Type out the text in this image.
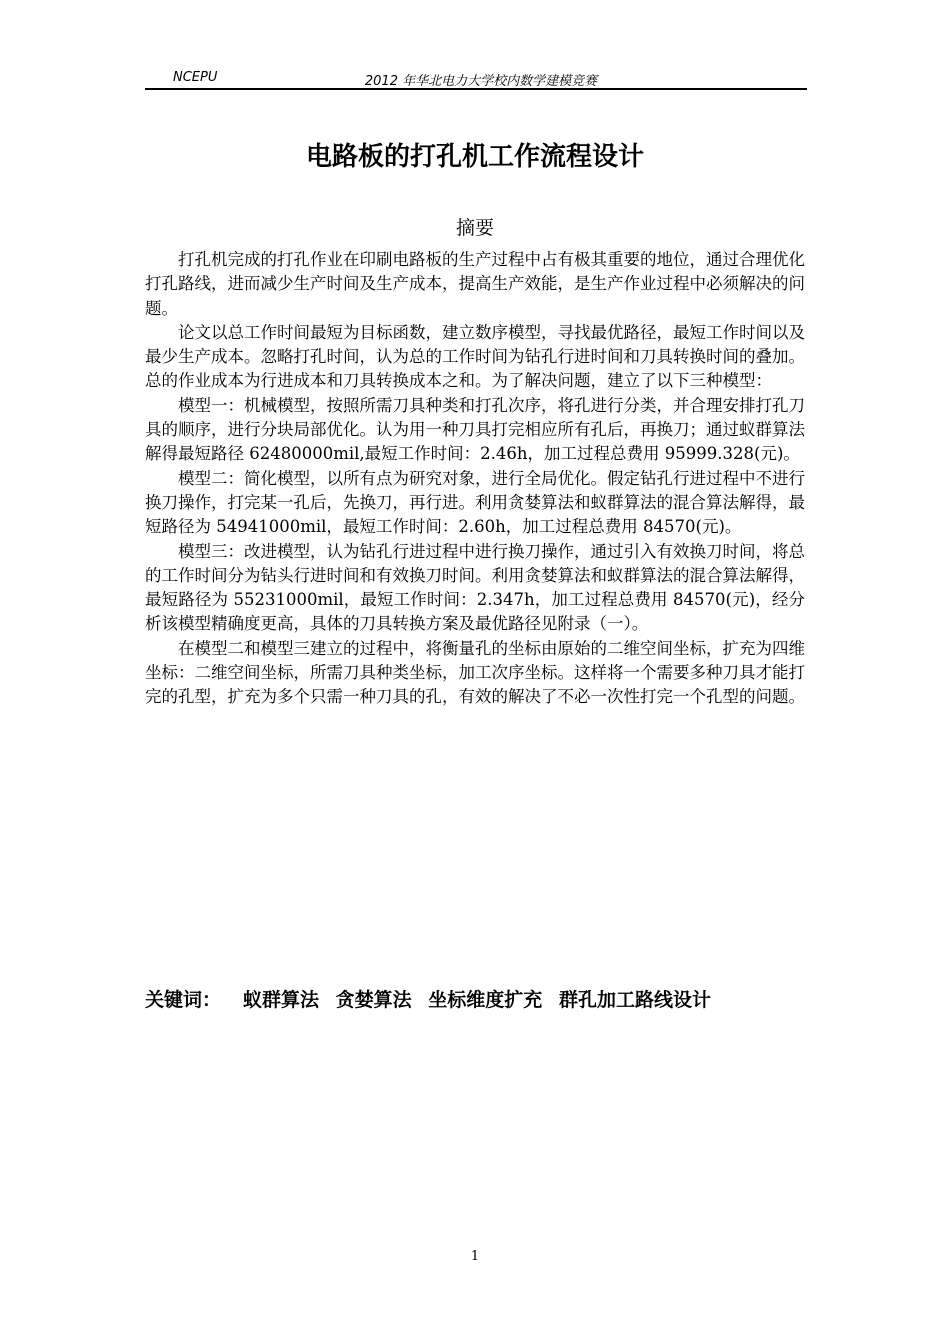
NCEPU	2012 年华北电力大学校内数学建模竞赛
电路板的打孔机工作流程设计
摘要

打孔机完成的打孔作业在印刷电路板的生产过程中占有极其重要的地位，通过合理优化打孔路线，进而减少生产时间及生产成本，提高生产效能，是生产作业过程中必须解决的问题。

论文以总工作时间最短为目标函数，建立数序模型，寻找最优路径，最短工作时间以及最少生产成本。忽略打孔时间，认为总的工作时间为钻孔行进时间和刀具转换时间的叠加。总的作业成本为行进成本和刀具转换成本之和。为了解决问题，建立了以下三种模型：

模型一：机械模型，按照所需刀具种类和打孔次序，将孔进行分类，并合理安排打孔刀具的顺序，进行分块局部优化。认为用一种刀具打完相应所有孔后，再换刀；通过蚁群算法解得最短路径 62480000mil,最短工作时间：2.46h，加工过程总费用 95999.328(元)。

模型二：简化模型，以所有点为研究对象，进行全局优化。假定钻孔行进过程中不进行换刀操作，打完某一孔后，先换刀，再行进。利用贪婪算法和蚁群算法的混合算法解得，最短路径为 54941000mil，最短工作时间：2.60h，加工过程总费用 84570(元)。

模型三：改进模型，认为钻孔行进过程中进行换刀操作，通过引入有效换刀时间，将总的工作时间分为钻头行进时间和有效换刀时间。利用贪婪算法和蚁群算法的混合算法解得，最短路径为 55231000mil，最短工作时间：2.347h，加工过程总费用 84570(元)，经分析该模型精确度更高，具体的刀具转换方案及最优路径见附录（一）。

在模型二和模型三建立的过程中，将衡量孔的坐标由原始的二维空间坐标，扩充为四维坐标：二维空间坐标，所需刀具种类坐标，加工次序坐标。这样将一个需要多种刀具才能打完的孔型，扩充为多个只需一种刀具的孔，有效的解决了不必一次性打完一个孔型的问题。

关键词： 蚁群算法 贪婪算法 坐标维度扩充 群孔加工路线设计
1
